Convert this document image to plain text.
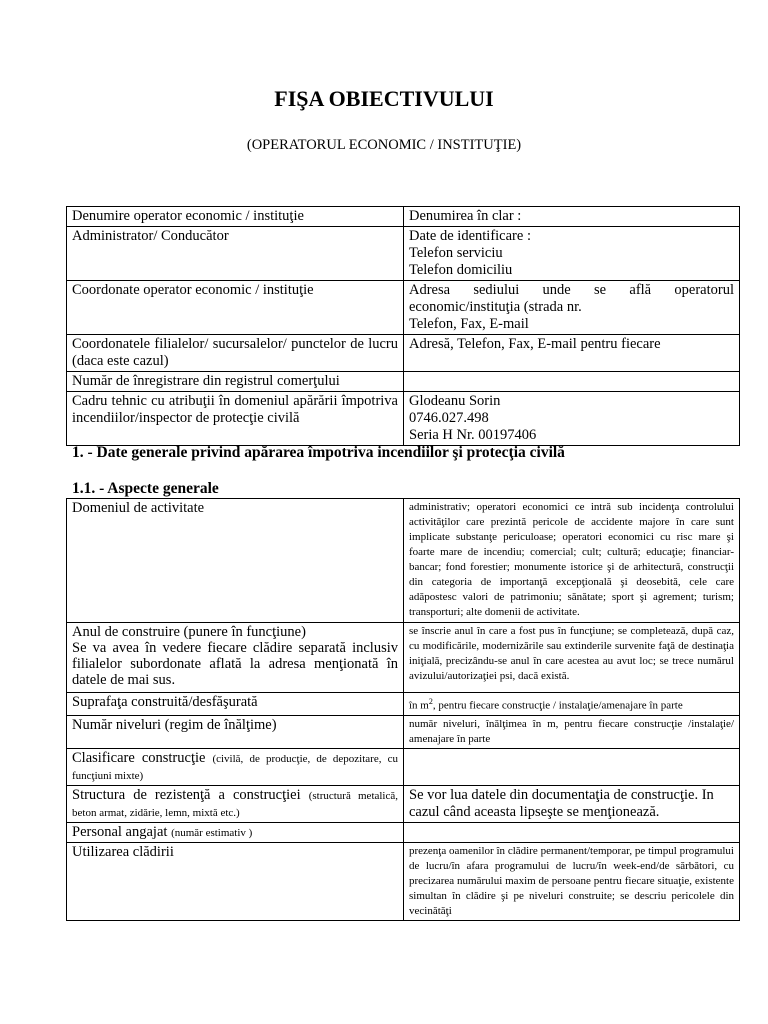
FIŞA OBIECTIVULUI
(OPERATORUL ECONOMIC / INSTITUŢIE)
Denumire operator economic / instituţie	Denumirea în clar :

Administrator/ Conducător	Date de identificare :
Telefon serviciu
Telefon domiciliu

Coordonate operator economic / instituţie	Adresa sediului unde se află operatorul economic/instituţia (strada nr.
Telefon, Fax, E-mail

Coordonatele filialelor/ sucursalelor/ punctelor de lucru (daca este cazul)	Adresă, Telefon, Fax, E-mail pentru fiecare

Număr de înregistrare din registrul comerţului	

Cadru tehnic cu atribuţii în domeniul apărării împotriva incendiilor/inspector de protecţie civilă	Glodeanu Sorin
0746.027.498
Seria H Nr. 00197406
1. - Date generale privind apărarea împotriva incendiilor şi protecţia civilă
1.1. - Aspecte generale
Domeniul de activitate	administrativ; operatori economici ce intră sub incidenţa controlului activităţilor care prezintă pericole de accidente majore în care sunt implicate substanţe periculoase; operatori economici cu risc mare şi foarte mare de incendiu; comercial; cult; cultură; educaţie; financiar-bancar; fond forestier; monumente istorice şi de arhitectură, construcţii din categoria de importanţă excepţională şi deosebită, cele care adăpostesc valori de patrimoniu; sănătate; sport şi agrement; turism; transporturi; alte domenii de activitate.

Anul de construire (punere în funcţiune)
Se va avea în vedere fiecare clădire separată inclusiv filialelor subordonate aflată la adresa menţionată în datele de mai sus.	se înscrie anul în care a fost pus în funcţiune; se completează, după caz, cu modificările, modernizările sau extinderile survenite faţă de destinaţia iniţială, precizându-se anul în care acestea au avut loc; se trece numărul avizului/autorizaţiei psi, dacă există.
Suprafaţa construită/desfăşurată	în $m^2$, pentru fiecare construcţie / instalaţie/amenajare în parte
Număr niveluri (regim de înălţime)	număr niveluri, înălţimea în m, pentru fiecare construcţie /instalaţie/ amenajare în parte
Clasificare construcţie (civilă, de producţie, de depozitare, cu funcţiuni mixte)	
Structura de rezistenţă a construcţiei (structură metalică, beton armat, zidărie, lemn, mixtă etc.)	Se vor lua datele din documentaţia de construcţie. In cazul când aceasta lipseşte se menţionează.
Personal angajat (număr estimativ )	
Utilizarea clădirii	prezenţa oamenilor în clădire permanent/temporar, pe timpul programului de lucru/în afara programului de lucru/în week-end/de sărbători, cu precizarea numărului maxim de persoane pentru fiecare situaţie, existente simultan în clădire şi pe niveluri construite; se descriu pericolele din vecinătăţi
